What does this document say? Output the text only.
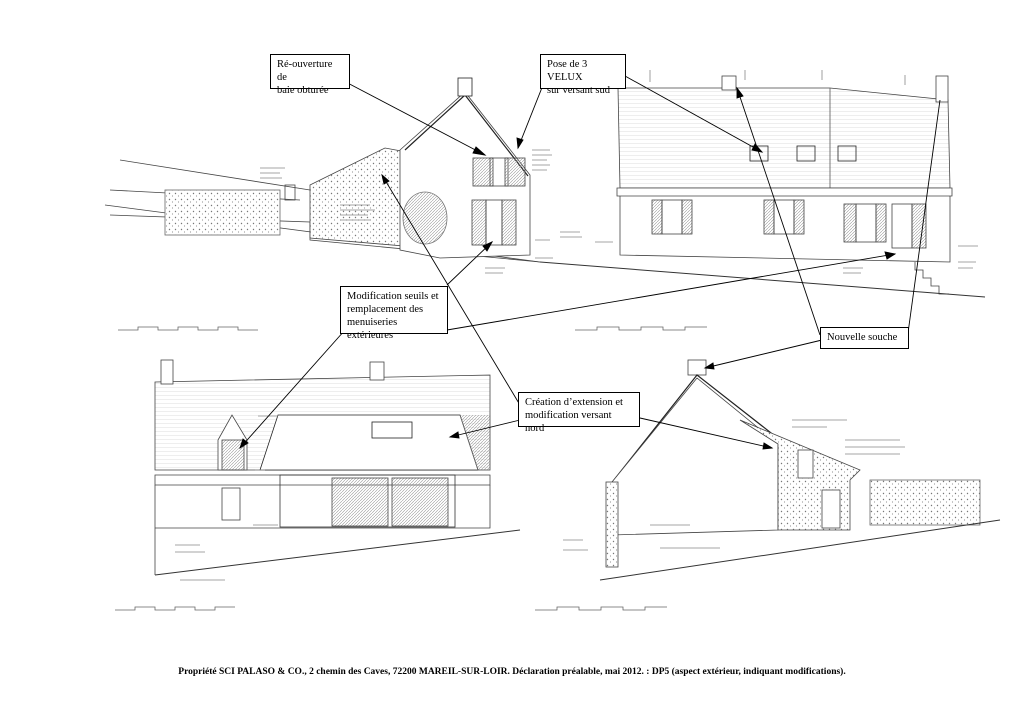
Ré-ouverture de
baie obturée
Pose de 3 VELUX
sur versant sud
Modification seuils et
remplacement des
menuiseries extérieures	Nouvelle souche
Création d’extension et
modification versant nord
Propriété SCI PALASO & CO., 2 chemin des Caves, 72200 MAREIL-SUR-LOIR. Déclaration préalable, mai 2012. : DP5 (aspect extérieur, indiquant modifications).
